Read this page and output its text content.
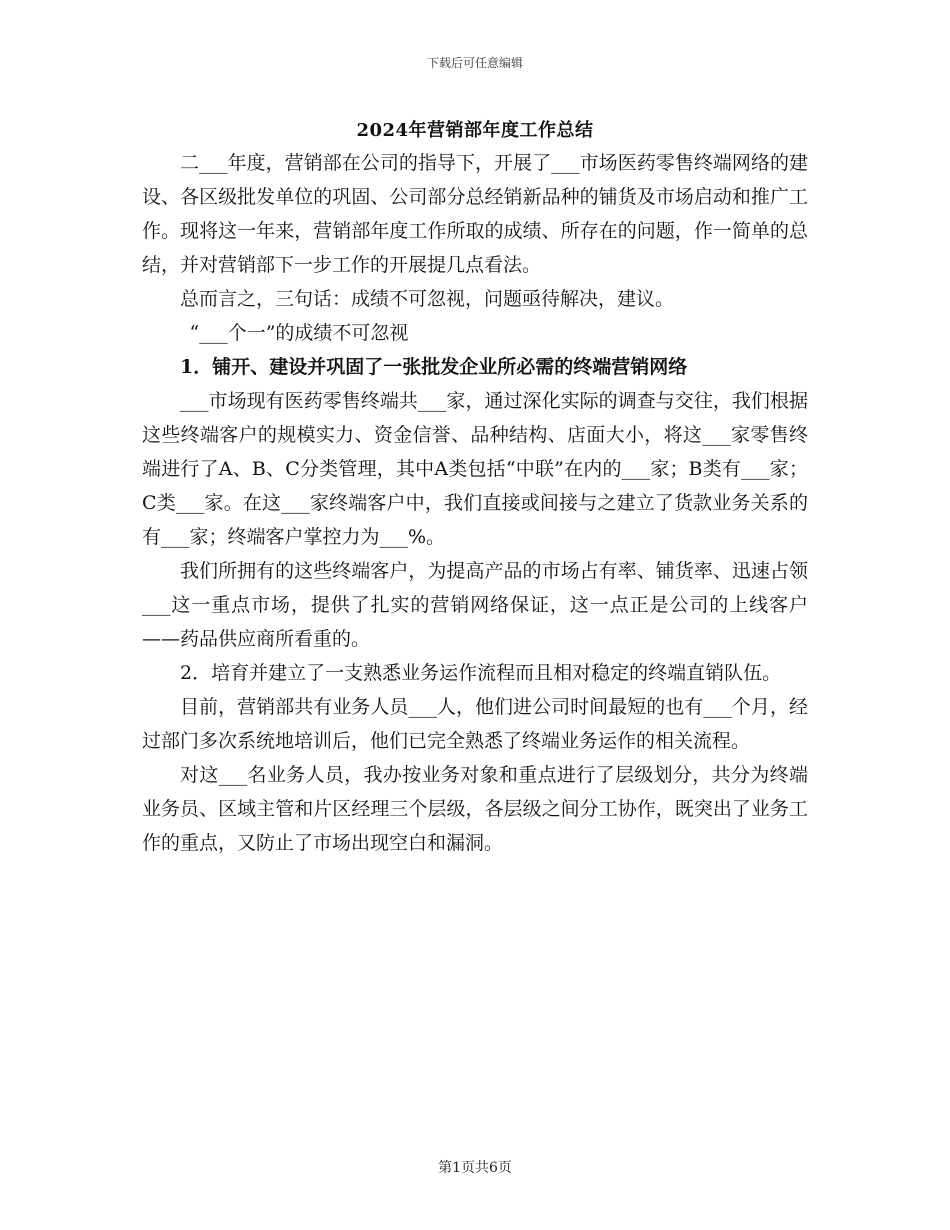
下载后可任意编辑
2024年营销部年度工作总结

二___年度，营销部在公司的指导下，开展了___市场医药零售终端网络的建设、各区级批发单位的巩固、公司部分总经销新品种的铺货及市场启动和推广工作。现将这一年来，营销部年度工作所取的成绩、所存在的问题，作一简单的总结，并对营销部下一步工作的开展提几点看法。

总而言之，三句话：成绩不可忽视，问题亟待解决，建议。

“___个一”的成绩不可忽视

1．铺开、建设并巩固了一张批发企业所必需的终端营销网络

___市场现有医药零售终端共___家，通过深化实际的调查与交往，我们根据这些终端客户的规模实力、资金信誉、品种结构、店面大小，将这___家零售终端进行了A、B、C分类管理，其中A类包括“中联”在内的___家；B类有___家；C类___家。在这___家终端客户中，我们直接或间接与之建立了货款业务关系的有___家；终端客户掌控力为___%。

我们所拥有的这些终端客户，为提高产品的市场占有率、铺货率、迅速占领___这一重点市场，提供了扎实的营销网络保证，这一点正是公司的上线客户——药品供应商所看重的。

2．培育并建立了一支熟悉业务运作流程而且相对稳定的终端直销队伍。

目前，营销部共有业务人员___人，他们进公司时间最短的也有___个月，经过部门多次系统地培训后，他们已完全熟悉了终端业务运作的相关流程。

对这___名业务人员，我办按业务对象和重点进行了层级划分，共分为终端业务员、区域主管和片区经理三个层级，各层级之间分工协作，既突出了业务工作的重点，又防止了市场出现空白和漏洞。

第1页共6页
